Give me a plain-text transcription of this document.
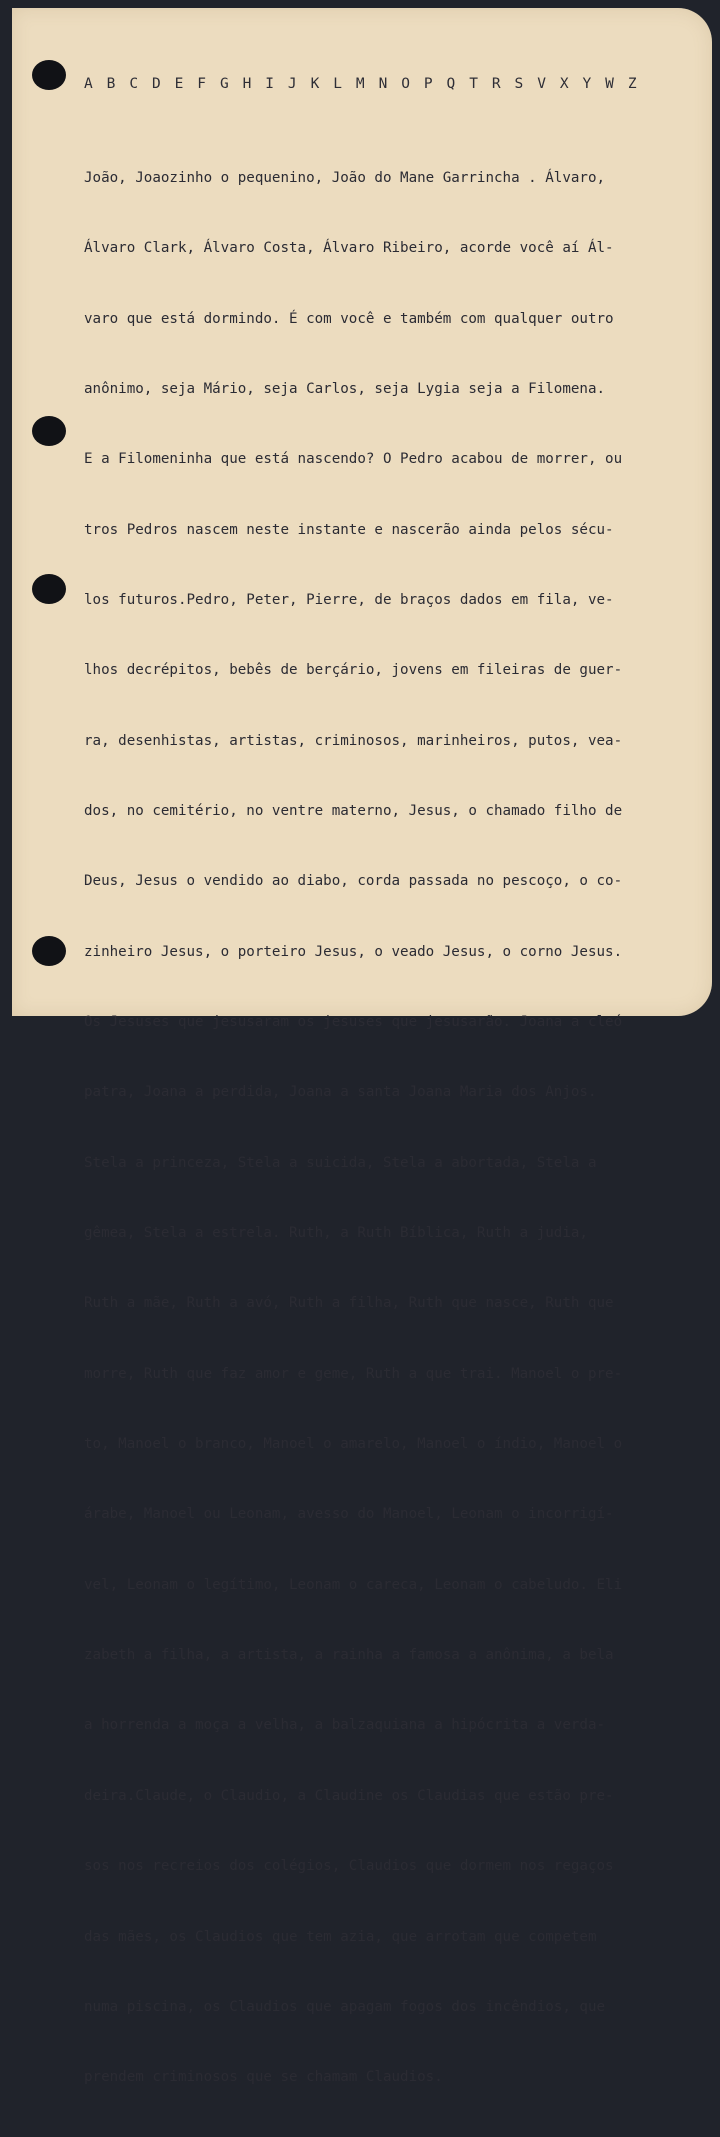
A B C D E F G H I J K L M N O P Q T R S V X Y W Z

João, Joaozinho o pequenino, João do Mane Garrincha . Álvaro,

Álvaro Clark, Álvaro Costa, Álvaro Ribeiro, acorde você aí Ál-

varo que está dormindo. É com você e também com qualquer outro

anônimo, seja Mário, seja Carlos, seja Lygia seja a Filomena.

E a Filomeninha que está nascendo? O Pedro acabou de morrer, ou

tros Pedros nascem neste instante e nascerão ainda pelos sécu-

los futuros.Pedro, Peter, Pierre, de braços dados em fila, ve-

lhos decrépitos, bebês de berçário, jovens em fileiras de guer-

ra, desenhistas, artistas, criminosos, marinheiros, putos, vea-

dos, no cemitério, no ventre materno, Jesus, o chamado filho de

Deus, Jesus o vendido ao diabo, corda passada no pescoço, o co-

zinheiro Jesus, o porteiro Jesus, o veado Jesus, o corno Jesus.

Os Jesuses que jesusaram os jesuses que jesusarão. Joana a cleó

patra, Joana a perdida, Joana a santa Joana Maria dos Anjos.

Stela a princeza, Stela a suicida, Stela a abortada, Stela a

gêmea, Stela a estrela. Ruth, a Ruth Bíblica, Ruth a judia,

Ruth a mãe, Ruth a avó, Ruth a filha, Ruth que nasce, Ruth que

morre, Ruth que faz amor e geme, Ruth a que trai. Manoel o pre-

to, Manoel o branco, Manoel o amarelo, Manoel o índio, Manoel o

árabe, Manoel ou Leonam, avesso do Manoel, Leonam o incorrigí-

vel, Leonam o legítimo, Leonam o careca, Leonam o cabeludo. Eli

zabeth a filha, a artista, a rainha a famosa a anônima, a bela

a horrenda a moça a velha, a balzaquiana a hipócrita a verda-

deira.Claude, o Claudio, a Claudine os Claudias que estão pre-

sos nos recreios dos colégios, Claudios que dormem nos regaços

das mães, os Claudios que tem azia, que arrotam que competem

numa piscina, os Claudios que apagam fogos dos incêndios, que

prendem criminosos que se chamam Claudios.
